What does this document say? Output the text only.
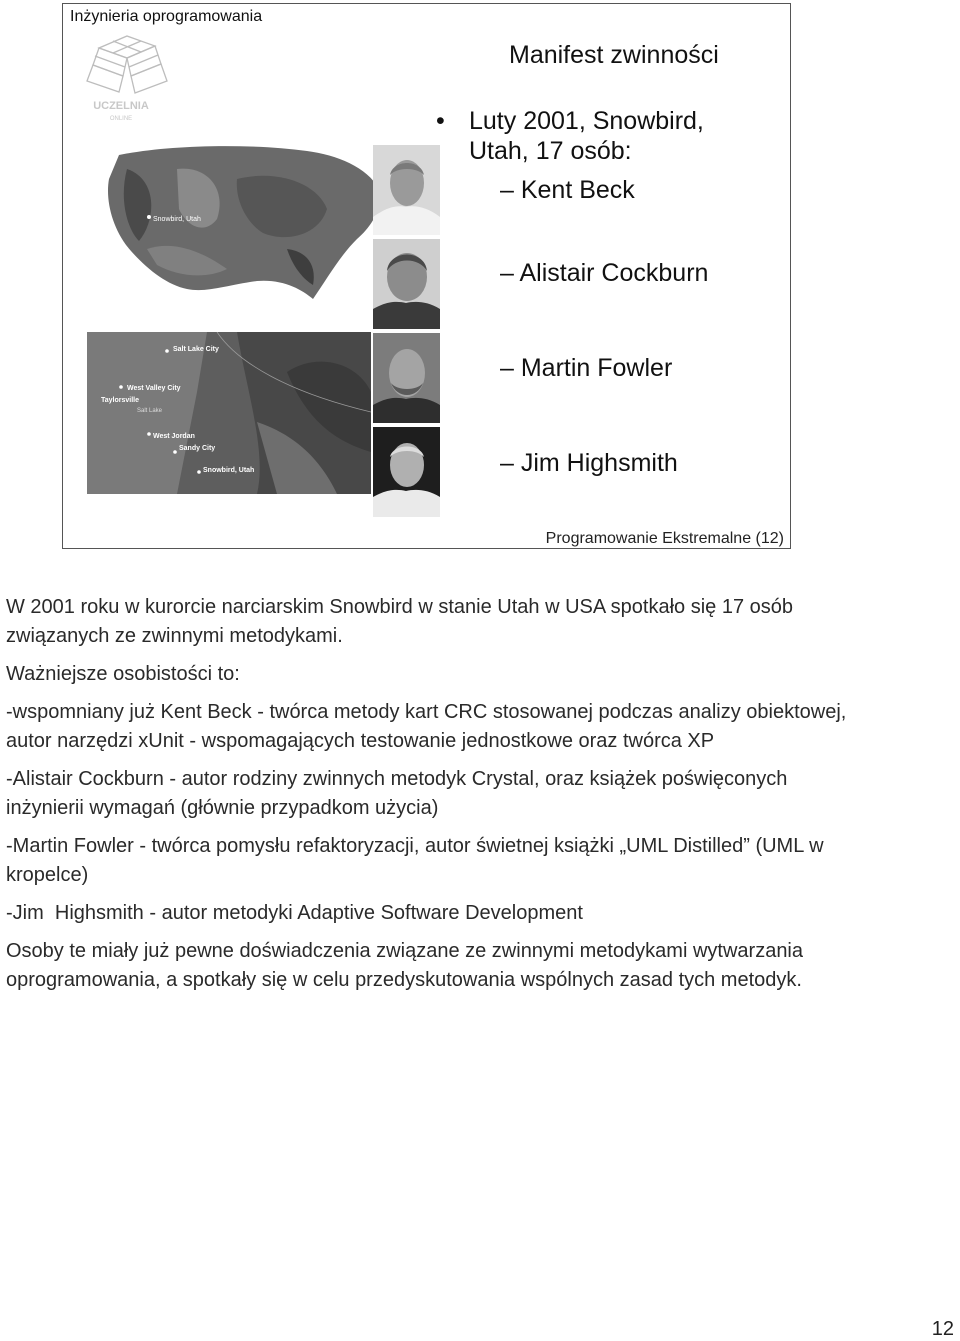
Inżynieria oprogramowania
UCZELNIA
ONLINE
Snowbird, Utah
Salt Lake City
West Valley City
Taylorsville
Salt Lake
West Jordan
Sandy City
Snowbird, Utah
Manifest zwinności
• Luty 2001, Snowbird, Utah, 17 osób:
– Kent Beck
– Alistair Cockburn
– Martin Fowler
– Jim Highsmith
Programowanie Ekstremalne (12)

W 2001 roku w kurorcie narciarskim Snowbird w stanie Utah w USA spotkało się 17 osób związanych ze zwinnymi metodykami.

Ważniejsze osobistości to:

-wspomniany już Kent Beck - twórca metody kart CRC stosowanej podczas analizy obiektowej, autor narzędzi xUnit - wspomagających testowanie jednostkowe oraz twórca XP

-Alistair Cockburn - autor rodziny zwinnych metodyk Crystal, oraz książek poświęconych inżynierii wymagań (głównie przypadkom użycia)

-Martin Fowler - twórca pomysłu refaktoryzacji, autor świetnej książki „UML Distilled” (UML w kropelce)

-Jim  Highsmith - autor metodyki Adaptive Software Development

Osoby te miały już pewne doświadczenia związane ze zwinnymi metodykami wytwarzania oprogramowania, a spotkały się w celu przedyskutowania wspólnych zasad tych metodyk.

12
